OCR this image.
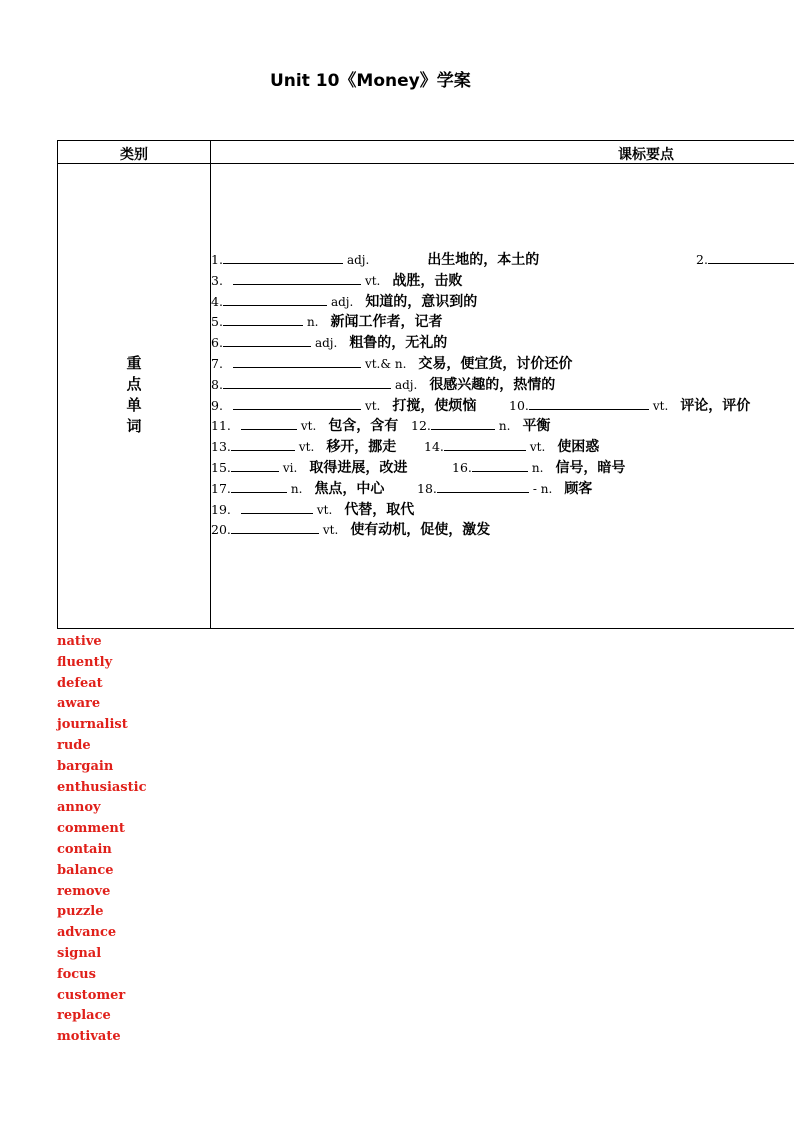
Unit 10《Money》学案
类别	课标要点
重
点
单
词
1.	adj.	出生地的，本土的	2.
3.	vt. 战胜，击败
4.	adj. 知道的，意识到的
5.	n. 新闻工作者，记者
6.	adj. 粗鲁的，无礼的
7.	vt.& n. 交易，便宜货，讨价还价
8.	adj. 很感兴趣的，热情的
9.	vt. 打搅，使烦恼	10.	vt. 评论，评价
11.	vt. 包含，含有 12.	n. 平衡
13.	vt. 移开，挪走 14.	vt. 使困惑
15.	vi. 取得进展，改进	16.	n. 信号，暗号
17.	n. 焦点，中心	18.	- n. 顾客
19.	vt. 代替，取代
20.	vt. 使有动机，促使，激发
native
fluently
defeat
aware
journalist
rude
bargain
enthusiastic
annoy
comment
contain
balance
remove
puzzle
advance
signal
focus
customer
replace
motivate
